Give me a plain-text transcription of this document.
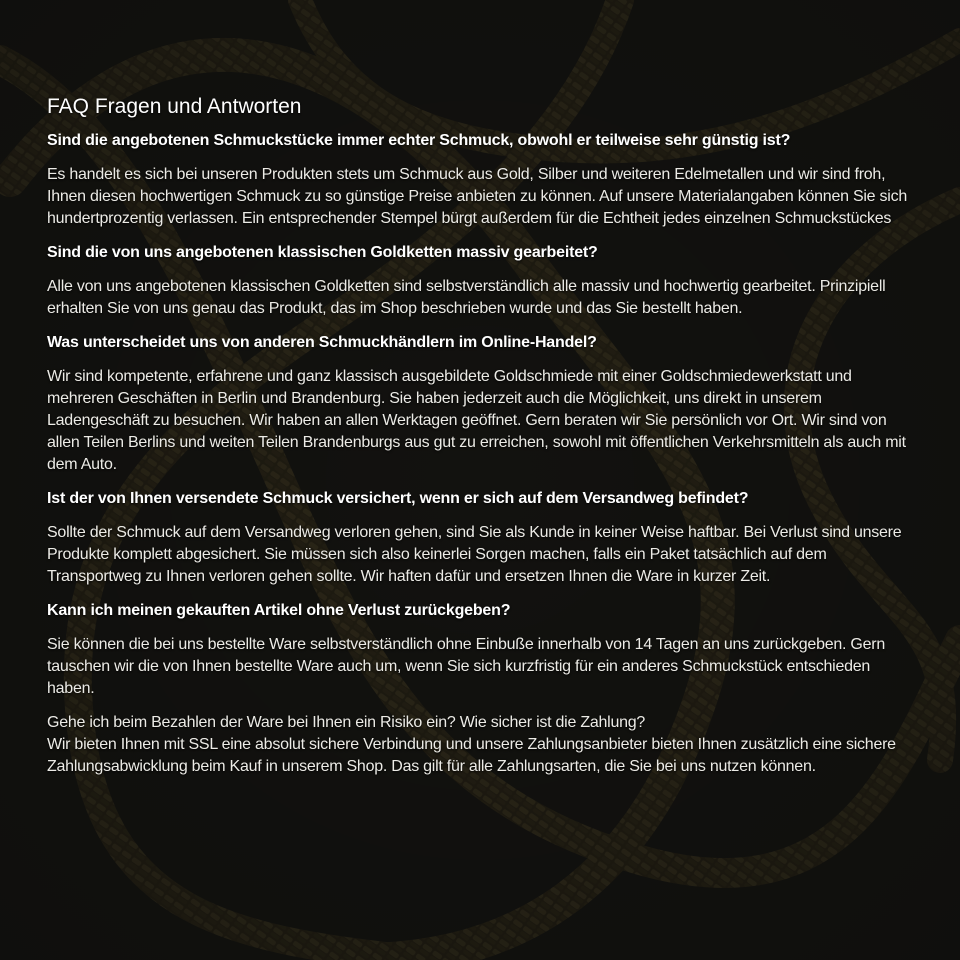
FAQ Fragen und Antworten

Sind die angebotenen Schmuckstücke immer echter Schmuck, obwohl er teilweise sehr günstig ist?

Es handelt es sich bei unseren Produkten stets um Schmuck aus Gold, Silber und weiteren Edelmetallen und wir sind froh, Ihnen diesen hochwertigen Schmuck zu so günstige Preise anbieten zu können. Auf unsere Materialangaben können Sie sich hundertprozentig verlassen. Ein entsprechender Stempel bürgt außerdem für die Echtheit jedes einzelnen Schmuckstückes

Sind die von uns angebotenen klassischen Goldketten massiv gearbeitet?

Alle von uns angebotenen klassischen Goldketten sind selbstverständlich alle massiv und hochwertig gearbeitet. Prinzipiell erhalten Sie von uns genau das Produkt, das im Shop beschrieben wurde und das Sie bestellt haben.

Was unterscheidet uns von anderen Schmuckhändlern im Online-Handel?

Wir sind kompetente, erfahrene und ganz klassisch ausgebildete Goldschmiede mit einer Goldschmiedewerkstatt und mehreren Geschäften in Berlin und Brandenburg. Sie haben jederzeit auch die Möglichkeit, uns direkt in unserem Ladengeschäft zu besuchen. Wir haben an allen Werktagen geöffnet. Gern beraten wir Sie persönlich vor Ort. Wir sind von allen Teilen Berlins und weiten Teilen Brandenburgs aus gut zu erreichen, sowohl mit öffentlichen Verkehrsmitteln als auch mit dem Auto.

Ist der von Ihnen versendete Schmuck versichert, wenn er sich auf dem Versandweg befindet?

Sollte der Schmuck auf dem Versandweg verloren gehen, sind Sie als Kunde in keiner Weise haftbar. Bei Verlust sind unsere Produkte komplett abgesichert. Sie müssen sich also keinerlei Sorgen machen, falls ein Paket tatsächlich auf dem Transportweg zu Ihnen verloren gehen sollte. Wir haften dafür und ersetzen Ihnen die Ware in kurzer Zeit.

Kann ich meinen gekauften Artikel ohne Verlust zurückgeben?

Sie können die bei uns bestellte Ware selbstverständlich ohne Einbuße innerhalb von 14 Tagen an uns zurückgeben. Gern tauschen wir die von Ihnen bestellte Ware auch um, wenn Sie sich kurzfristig für ein anderes Schmuckstück entschieden haben.

Gehe ich beim Bezahlen der Ware bei Ihnen ein Risiko ein? Wie sicher ist die Zahlung?

Wir bieten Ihnen mit SSL eine absolut sichere Verbindung und unsere Zahlungsanbieter bieten Ihnen zusätzlich eine sichere Zahlungsabwicklung beim Kauf in unserem Shop. Das gilt für alle Zahlungsarten, die Sie bei uns nutzen können.
